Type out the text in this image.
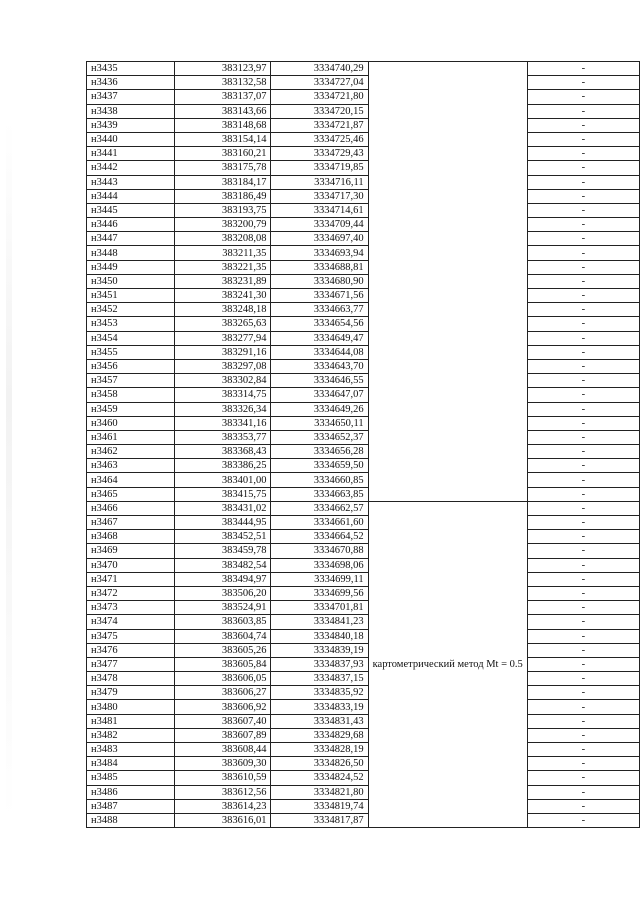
н3435	383123,97	3334740,29		-
н3436	383132,58	3334727,04		-
н3437	383137,07	3334721,80		-
н3438	383143,66	3334720,15		-
н3439	383148,68	3334721,87		-
н3440	383154,14	3334725,46		-
н3441	383160,21	3334729,43		-
н3442	383175,78	3334719,85		-
н3443	383184,17	3334716,11		-
н3444	383186,49	3334717,30		-
н3445	383193,75	3334714,61		-
н3446	383200,79	3334709,44		-
н3447	383208,08	3334697,40		-
н3448	383211,35	3334693,94		-
н3449	383221,35	3334688,81		-
н3450	383231,89	3334680,90		-
н3451	383241,30	3334671,56		-
н3452	383248,18	3334663,77		-
н3453	383265,63	3334654,56		-
н3454	383277,94	3334649,47		-
н3455	383291,16	3334644,08		-
н3456	383297,08	3334643,70		-
н3457	383302,84	3334646,55		-
н3458	383314,75	3334647,07		-
н3459	383326,34	3334649,26		-
н3460	383341,16	3334650,11		-
н3461	383353,77	3334652,37		-
н3462	383368,43	3334656,28		-
н3463	383386,25	3334659,50		-
н3464	383401,00	3334660,85		-
н3465	383415,75	3334663,85		-
н3466	383431,02	3334662,57	картометрический метод Mt = 0.5	-
н3467	383444,95	3334661,60		-
н3468	383452,51	3334664,52		-
н3469	383459,78	3334670,88		-
н3470	383482,54	3334698,06		-
н3471	383494,97	3334699,11		-
н3472	383506,20	3334699,56		-
н3473	383524,91	3334701,81		-
н3474	383603,85	3334841,23		-
н3475	383604,74	3334840,18		-
н3476	383605,26	3334839,19		-
н3477	383605,84	3334837,93		-
н3478	383606,05	3334837,15		-
н3479	383606,27	3334835,92		-
н3480	383606,92	3334833,19		-
н3481	383607,40	3334831,43		-
н3482	383607,89	3334829,68		-
н3483	383608,44	3334828,19		-
н3484	383609,30	3334826,50		-
н3485	383610,59	3334824,52		-
н3486	383612,56	3334821,80		-
н3487	383614,23	3334819,74		-
н3488	383616,01	3334817,87		-
